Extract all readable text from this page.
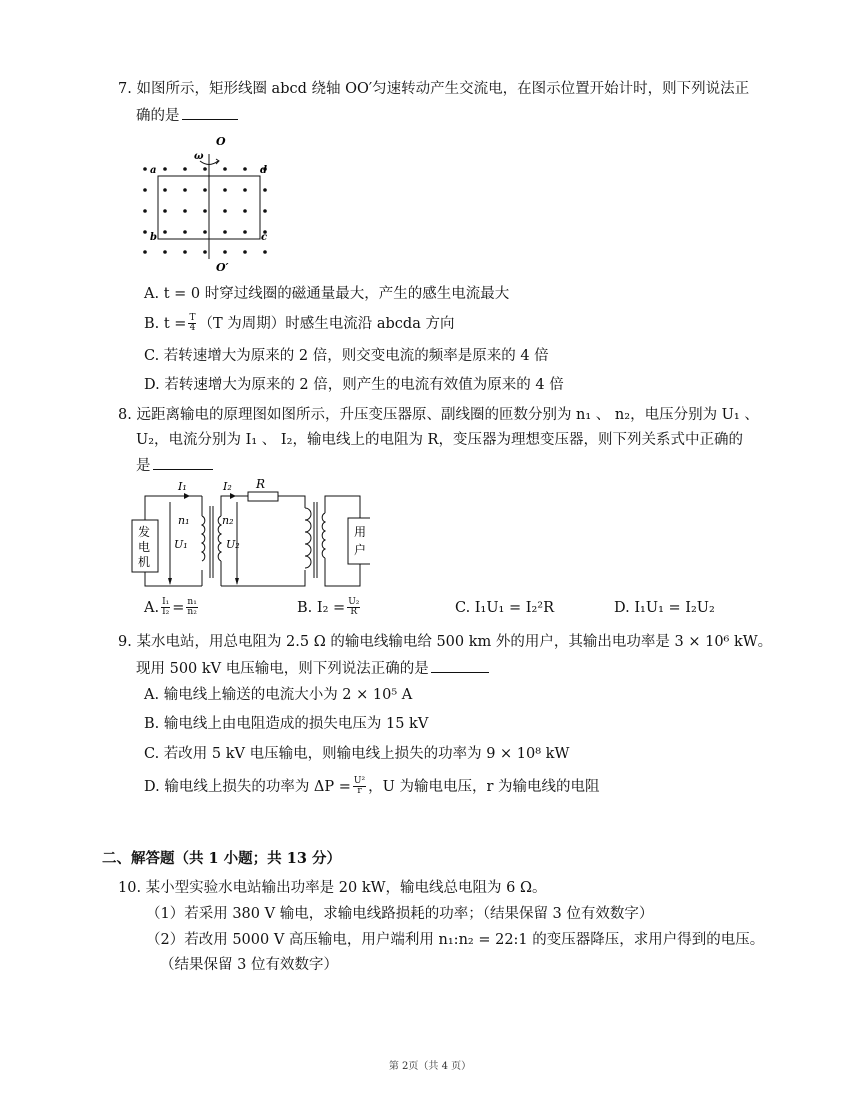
7. 如图所示，矩形线圈 abcd 绕轴 OO′匀速转动产生交流电，在图示位置开始计时，则下列说法正
确的是
O
ω
a	d
b	c
O′
A. t = 0 时穿过线圈的磁通量最大，产生的感生电流最大
B. $t = \frac{T}{4} (T$ 为周期）时感生电流沿 abcda 方向
C. 若转速增大为原来的 2 倍，则交变电流的频率是原来的 4 倍
D. 若转速增大为原来的 2 倍，则产生的电流有效值为原来的 4 倍
8. 远距离输电的原理图如图所示，升压变压器原、副线圈的匝数分别为 n₁ 、 n₂，电压分别为 U₁ 、
U₂，电流分别为 I₁ 、 I₂，输电线上的电阻为 R，变压器为理想变压器，则下列关系式中正确的
是
I₁	I₂ R
n₁	n₂
U₁	U₂
发
电
机
用
户
A. $\frac{\text{I₁}}{\text{I₂}} = \frac{\text{n₁}}{\text{n₂}}$	B. $I_2 = \frac{\text{U₂}}{R}$	C. I₁U₁ = I₂²R	D. I₁U₁ = I₂U₂
9. 某水电站，用总电阻为 2.5 Ω 的输电线输电给 500 km 外的用户，其输出电功率是 3 × 10⁶ kW。
现用 500 kV 电压输电，则下列说法正确的是
A. 输电线上输送的电流大小为 2 × 10⁵ A
B. 输电线上由电阻造成的损失电压为 15 kV
C. 若改用 5 kV 电压输电，则输电线上损失的功率为 9 × 10⁸ kW
D. 输电线上损失的功率为 $\Delta P = \frac{\text{U²}}{r}$ ，U 为输电电压，r 为输电线的电阻
二、解答题（共 1 小题；共 13 分）
10. 某小型实验水电站输出功率是 20 kW，输电线总电阻为 6 Ω。
（1）若采用 380 V 输电，求输电线路损耗的功率；（结果保留 3 位有效数字）
（2）若改用 5000 V 高压输电，用户端利用 n₁:n₂ = 22:1 的变压器降压，求用户得到的电压。
（结果保留 3 位有效数字）
第 2页（共 4 页）
